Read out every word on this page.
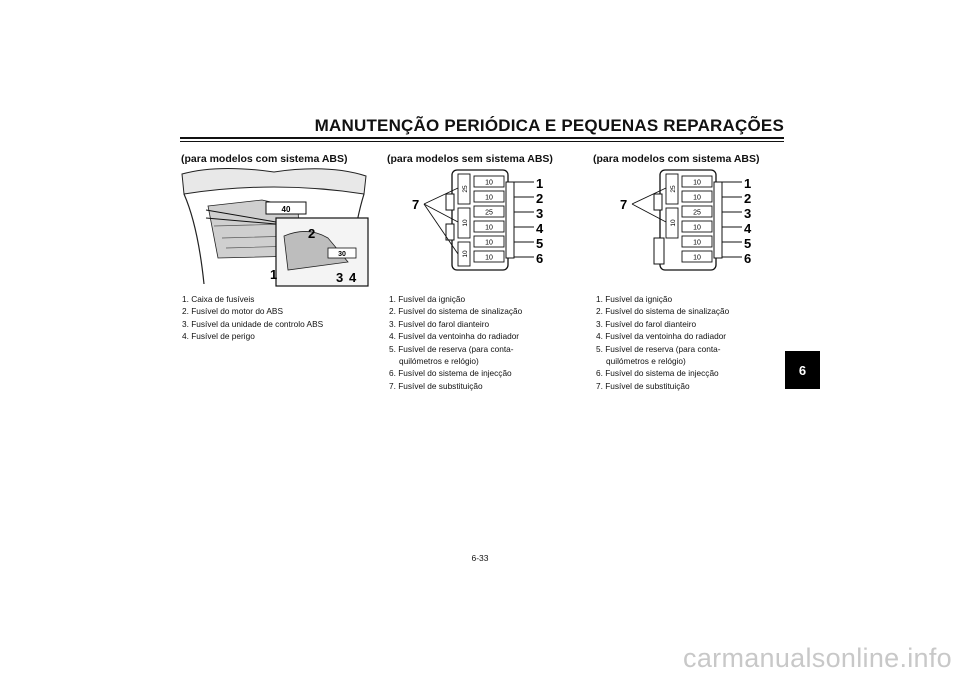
MANUTENÇÃO PERIÓDICA E PEQUENAS REPARAÇÕES
(para modelos com sistema ABS)
40
30
1
2
3 4
1. Caixa de fusíveis
2. Fusível do motor do ABS
3. Fusível da unidade de controlo ABS
4. Fusível de perigo
(para modelos sem sistema ABS)
25
10
10
10
10
25
10
10
10
1
2
3
4
5
6
7
1. Fusível da ignição
2. Fusível do sistema de sinalização
3. Fusível do farol dianteiro
4. Fusível da ventoinha do radiador
5. Fusível de reserva (para conta-
quilómetros e relógio)
6. Fusível do sistema de injecção
7. Fusível de substituição
(para modelos com sistema ABS)
25
10
10
10
25
10
10
10
1
2
3
4
5
6
7
1. Fusível da ignição
2. Fusível do sistema de sinalização
3. Fusível do farol dianteiro
4. Fusível da ventoinha do radiador
5. Fusível de reserva (para conta-
quilómetros e relógio)
6. Fusível do sistema de injecção
7. Fusível de substituição
6
6-33
carmanualsonline.info
